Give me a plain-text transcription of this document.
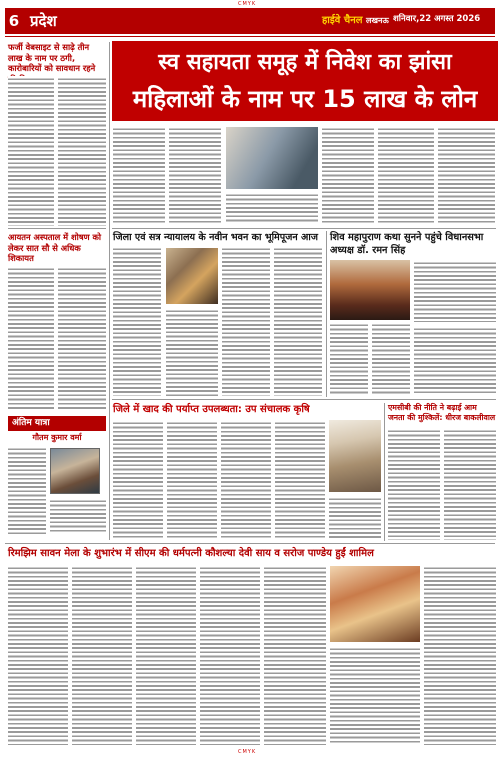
CMYK
6 प्रदेश	हाईवे चैनल लखनऊ शनिवार,22 अगस्त 2026
फर्जी वेबसाइट से साढ़े तीन लाख के नाम पर ठगी, कारोबारियों को सावधान रहने
आयतन अस्पताल में शोषण को लेकर सात सौ से अधिक शिकायत
अंतिम यात्रा
गौतम कुमार वर्मा
स्व सहायता समूह में निवेश का झांसा
महिलाओं के नाम पर 15 लाख के लोन
जिला एवं सत्र न्यायालय के नवीन भवन का भूमिपूजन आज	शिव महापुराण कथा सुनने पहुंचे विधानसभा अध्यक्ष डॉ. रमन सिंह
एमसीबी की नीति ने बढ़ाई आम जनता की मुश्किलें: धीरज बाकलीवाल
जिले में खाद की पर्याप्त उपलब्धता: उप संचालक कृषि
रिमझिम सावन मेला के शुभारंभ में सीएम की धर्मपत्नी कौशल्या देवी साय व सरोज पाण्डेय हुईं शामिल
CMYK
